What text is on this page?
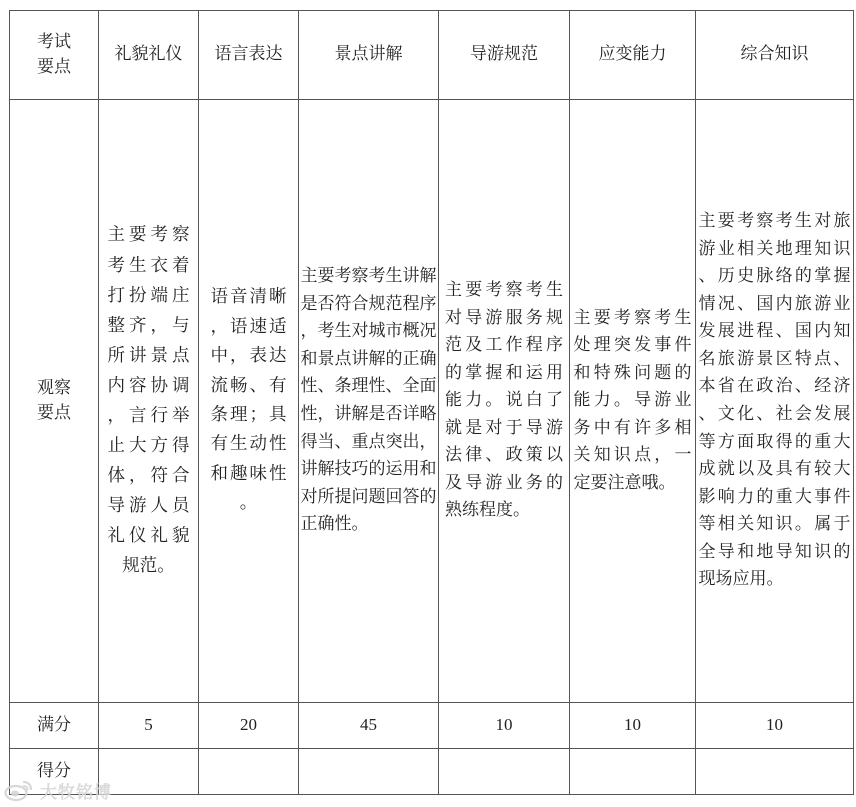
考试
要点	礼貌礼仪	语言表达	景点讲解	导游规范	应变能力	综合知识
观察
要点	主要考察考生衣着打扮端庄整齐，与所讲景点内容协调，言行举止大方得体，符合导游人员礼仪礼貌规范。	语音清晰，语速适中，表达流畅、有条理；具有生动性和趣味性。	主要考察考生讲解是否符合规范程序，考生对城市概况和景点讲解的正确性、条理性、全面性，讲解是否详略得当、重点突出，讲解技巧的运用和对所提问题回答的正确性。	主要考察考生对导游服务规范及工作程序的掌握和运用能力。说白了就是对于导游法律、政策以及导游业务的熟练程度。	主要考察考生处理突发事件和特殊问题的能力。导游业务中有许多相关知识点，一定要注意哦。	主要考察考生对旅游业相关地理知识、历史脉络的掌握情况、国内旅游业发展进程、国内知名旅游景区特点、本省在政治、经济、文化、社会发展等方面取得的重大成就以及具有较大影响力的重大事件等相关知识。属于全导和地导知识的现场应用。

满分	5	20	45	10	10	10
得分						
大牧铭博
